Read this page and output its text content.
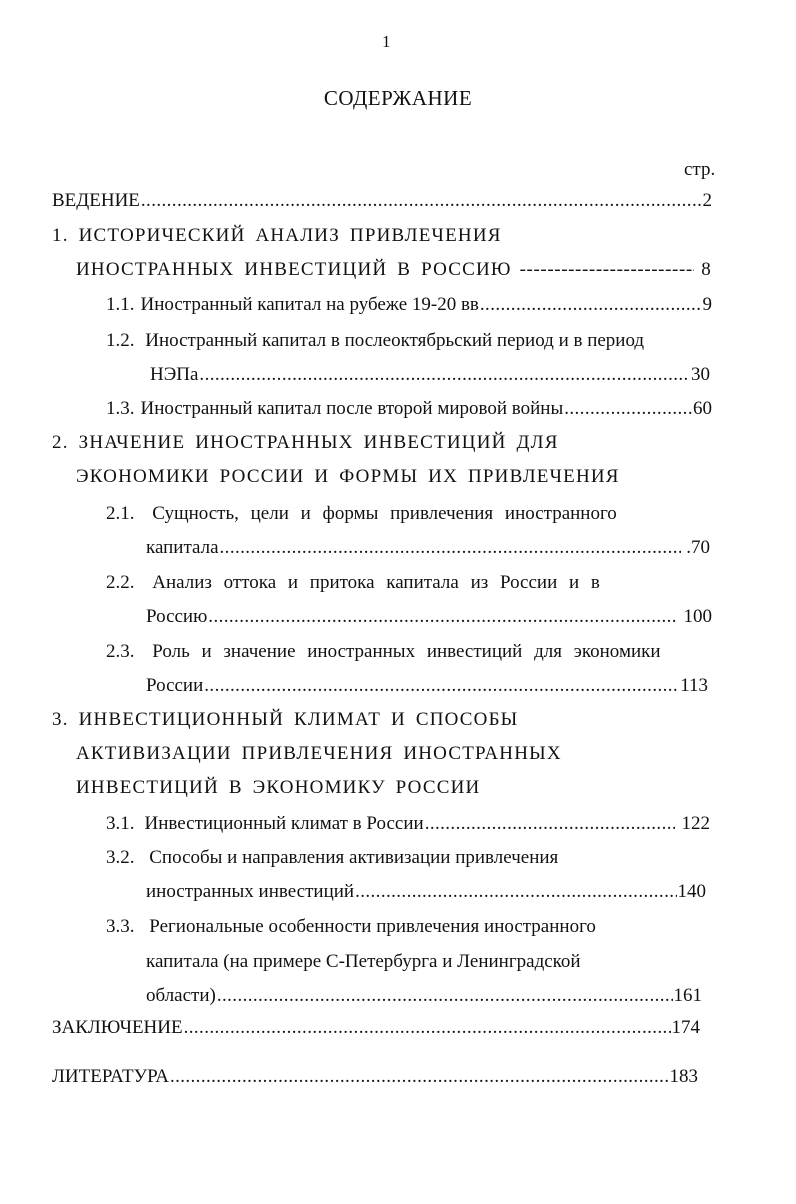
1
СОДЕРЖАНИЕ
стр.
ВЕДЕНИЕ .....	2
1. ИСТОРИЧЕСКИЙ АНАЛИЗ ПРИВЛЕЧЕНИЯ
ИНОСТРАННЫХ ИНВЕСТИЦИЙ В РОССИЮ -----	8
1.1. Иностранный капитал на рубеже 19-20 вв .....	9
1.2. Иностранный капитал в послеоктябрьский период и в период
НЭПа .....	30
1.3. Иностранный капитал после второй мировой войны .....	60
2. ЗНАЧЕНИЕ ИНОСТРАННЫХ ИНВЕСТИЦИЙ ДЛЯ
ЭКОНОМИКИ РОССИИ И ФОРМЫ ИХ ПРИВЛЕЧЕНИЯ
2.1. Сущность, цели и формы привлечения иностранного
капитала .....	.70
2.2. Анализ оттока и притока капитала из России и в
Россию .....	100
2.3. Роль и значение иностранных инвестиций для экономики
России .....	113
3. ИНВЕСТИЦИОННЫЙ КЛИМАТ И СПОСОБЫ
АКТИВИЗАЦИИ ПРИВЛЕЧЕНИЯ ИНОСТРАННЫХ
ИНВЕСТИЦИЙ В ЭКОНОМИКУ РОССИИ
3.1. Инвестиционный климат в России .....	122
3.2. Способы и направления активизации привлечения
иностранных инвестиций .....	140
3.3. Региональные особенности привлечения иностранного
капитала (на примере С-Петербурга и Ленинградской
области) .....	161
ЗАКЛЮЧЕНИЕ .....	174
ЛИТЕРАТУРА .....	183
